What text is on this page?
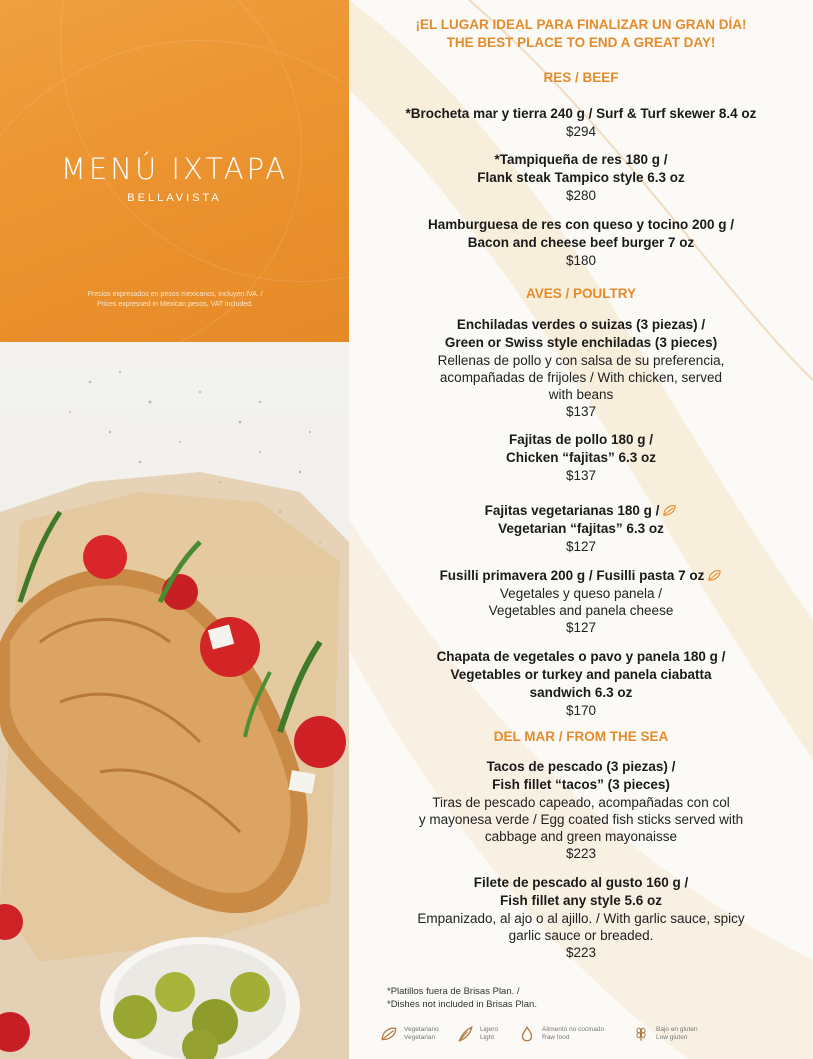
MENÚ IXTAPA
BELLAVISTA
Precios expresados en pesos mexicanos, incluyen IVA. /
Prices expressed in Mexican pesos, VAT included.
¡EL LUGAR IDEAL PARA FINALIZAR UN GRAN DÍA!
THE BEST PLACE TO END A GREAT DAY!
RES / BEEF
*Brocheta mar y tierra 240 g / Surf & Turf skewer 8.4 oz
$294
*Tampiqueña de res 180 g /
Flank steak Tampico style 6.3 oz
$280
Hamburguesa de res con queso y tocino 200 g /
Bacon and cheese beef burger 7 oz
$180
AVES / POULTRY
Enchiladas verdes o suizas (3 piezas) /
Green or Swiss style enchiladas (3 pieces)
Rellenas de pollo y con salsa de su preferencia,
acompañadas de frijoles / With chicken, served
with beans
$137
Fajitas de pollo 180 g /
Chicken “fajitas” 6.3 oz
$137
Fajitas vegetarianas 180 g /
Vegetarian “fajitas” 6.3 oz
$127
Fusilli primavera 200 g / Fusilli pasta 7 oz
Vegetales y queso panela /
Vegetables and panela cheese
$127
Chapata de vegetales o pavo y panela 180 g /
Vegetables or turkey and panela ciabatta
sandwich 6.3 oz
$170
DEL MAR / FROM THE SEA
Tacos de pescado (3 piezas) /
Fish fillet “tacos” (3 pieces)
Tiras de pescado capeado, acompañadas con col
y mayonesa verde / Egg coated fish sticks served with
cabbage and green mayonaisse
$223
Filete de pescado al gusto 160 g /
Fish fillet any style 5.6 oz
Empanizado, al ajo o al ajillo. / With garlic sauce, spicy
garlic sauce or breaded.
$223
*Platillos fuera de Brisas Plan. /
*Dishes not included in Brisas Plan.
Vegetariano
Vegetarian
Ligero
Light
Alimento no cocinado
Raw food
Bajo en gluten
Low gluten
